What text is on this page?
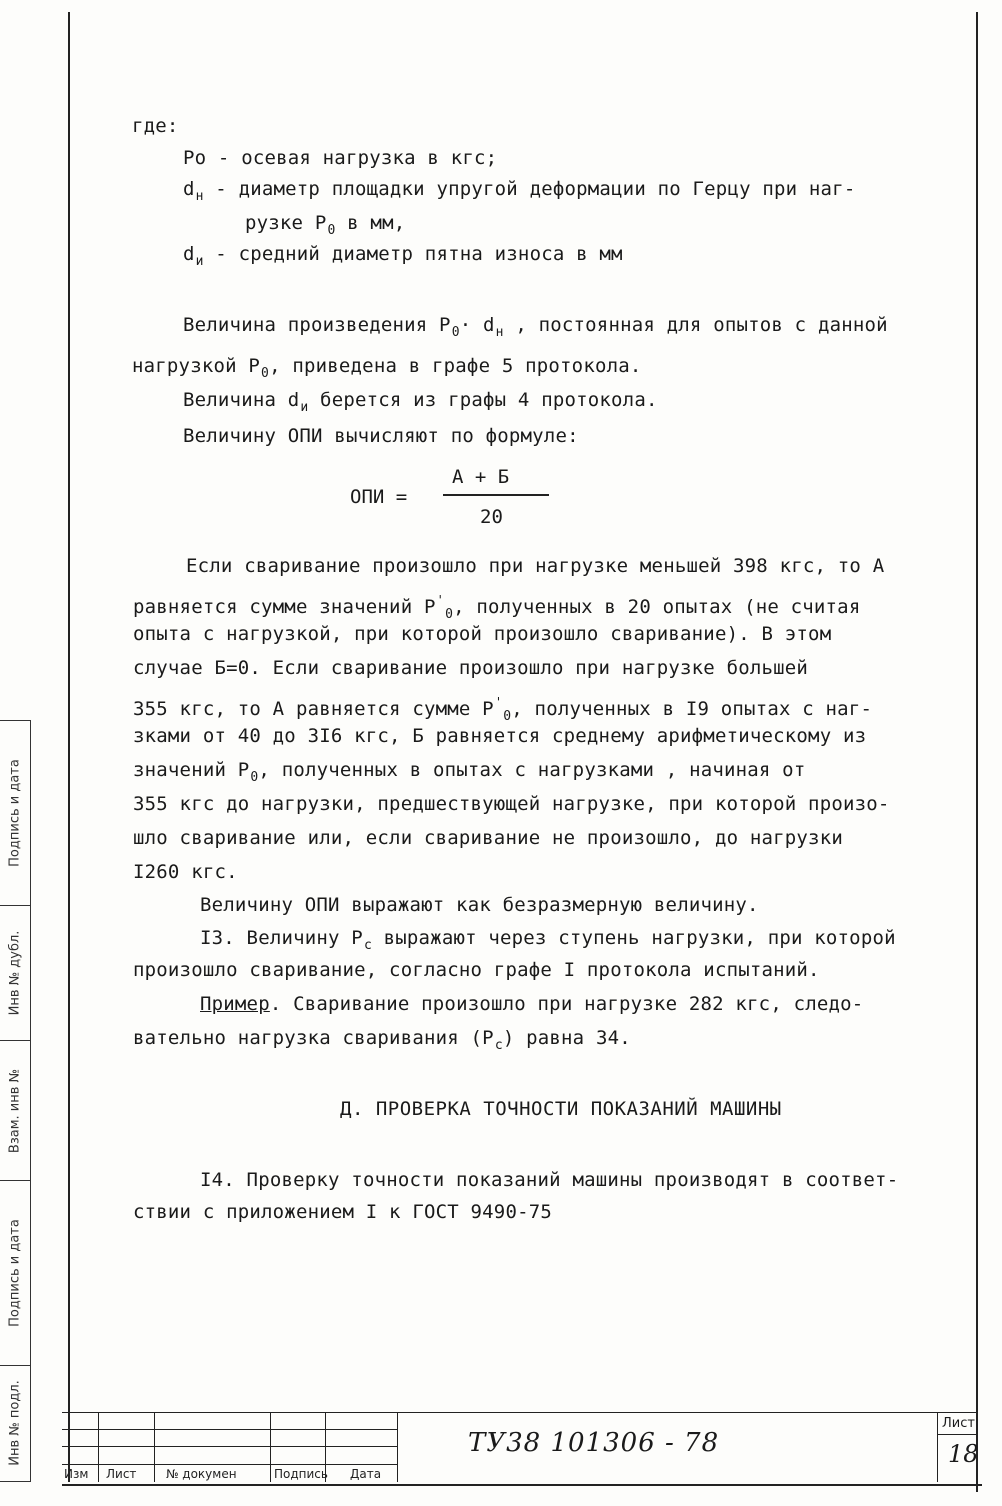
где:
Po - осевая нагрузка в кгс;
$d_н$ - диаметр площадки упругой деформации по Герцу при наг-
рузке $P_0$ в мм,
$d_и$ - средний диаметр пятна износа в мм
Величина произведения $P_0\cdot d_н$ , постоянная для опытов с данной
нагрузкой $P_0$, приведена в графе 5 протокола.
Величина $d_и$ берется из графы 4 протокола.
Величину ОПИ вычисляют по формуле:
ОПИ =
А + Б
20
Если сваривание произошло при нагрузке меньшей 398 кгс, то А
равняется сумме значений $P'_0$, полученных в 20 опытах (не считая
опыта с нагрузкой, при которой произошло сваривание). В этом
случае Б=0. Если сваривание произошло при нагрузке большей
355 кгс, то А равняется сумме $P'_0$, полученных в I9 опытах с наг-
зками от 40 до 3I6 кгс, Б равняется среднему арифметическому из
значений $P_0$, полученных в опытах с нагрузками , начиная от
355 кгс до нагрузки, предшествующей нагрузке, при которой произо-
шло сваривание или, если сваривание не произошло, до нагрузки
I260 кгс.
Величину ОПИ выражают как безразмерную величину.
I3. Величину $P_с$ выражают через ступень нагрузки, при которой
произошло сваривание, согласно графе I протокола испытаний.
Пример. Сваривание произошло при нагрузке 282 кгс, следо-
вательно нагрузка сваривания $(P_с)$ равна 34.
Д. ПРОВЕРКА ТОЧНОСТИ ПОКАЗАНИЙ МАШИНЫ
I4. Проверку точности показаний машины производят в соответ-
ствии с приложением I к ГОСТ 9490-75
Подпись и дата
Инв № дубл.
Взам. инв №
Подпись и дата
Инв № подл.
Изм Лист № докумен	Подпись Дата
ТУ38 101306 - 78
Лист
18
